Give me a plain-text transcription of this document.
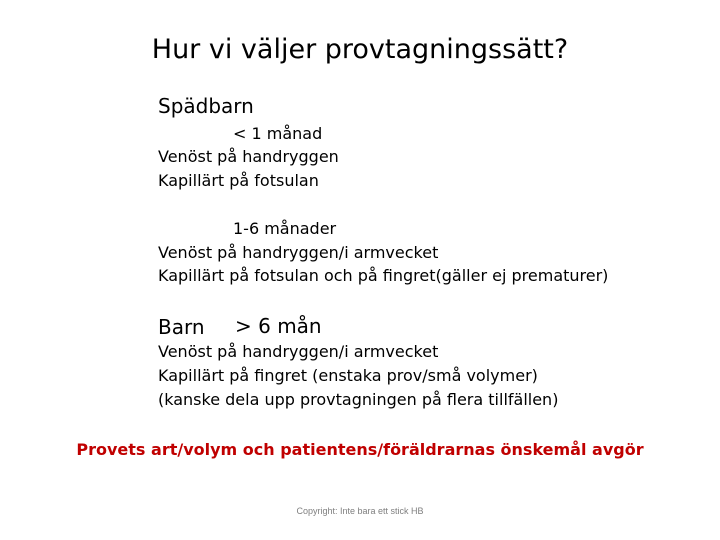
Hur vi väljer provtagningssätt?
Spädbarn
< 1 månad
Venöst på handryggen
Kapillärt på fotsulan
1-6 månader
Venöst på handryggen/i armvecket
Kapillärt på fotsulan och på fingret(gäller ej prematurer)
Barn > 6 mån
Venöst på handryggen/i armvecket
Kapillärt på fingret (enstaka prov/små volymer)
(kanske dela upp provtagningen på flera tillfällen)
Provets art/volym och patientens/föräldrarnas önskemål avgör
Copyright: Inte bara ett stick HB
